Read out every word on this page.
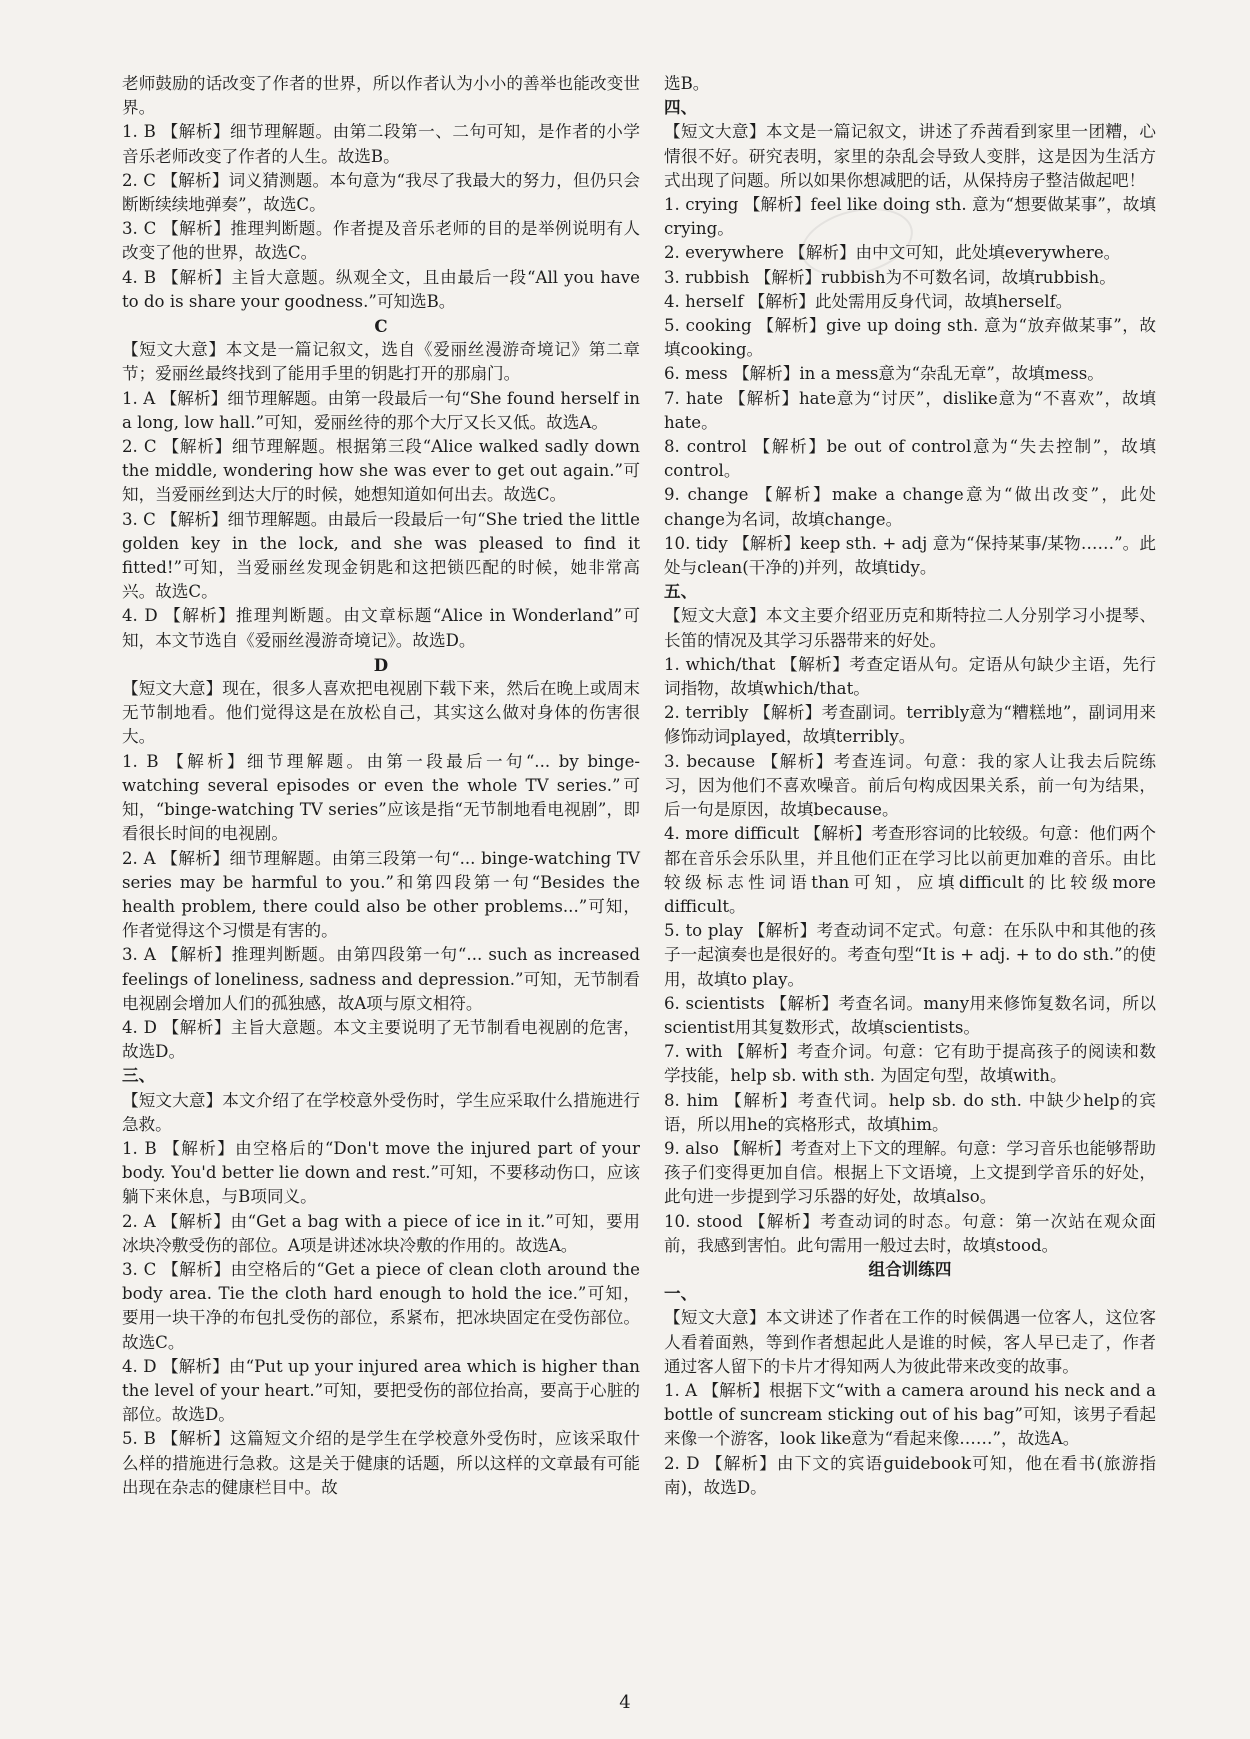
老师鼓励的话改变了作者的世界，所以作者认为小小的善举也能改变世界。

1. B 【解析】细节理解题。由第二段第一、二句可知，是作者的小学音乐老师改变了作者的人生。故选B。

2. C 【解析】词义猜测题。本句意为“我尽了我最大的努力，但仍只会断断续续地弹奏”，故选C。

3. C 【解析】推理判断题。作者提及音乐老师的目的是举例说明有人改变了他的世界，故选C。

4. B 【解析】主旨大意题。纵观全文，且由最后一段“All you have to do is share your goodness.”可知选B。

C

【短文大意】本文是一篇记叙文，选自《爱丽丝漫游奇境记》第二章节；爱丽丝最终找到了能用手里的钥匙打开的那扇门。

1. A 【解析】细节理解题。由第一段最后一句“She found herself in a long, low hall.”可知，爱丽丝待的那个大厅又长又低。故选A。

2. C 【解析】细节理解题。根据第三段“Alice walked sadly down the middle, wondering how she was ever to get out again.”可知，当爱丽丝到达大厅的时候，她想知道如何出去。故选C。

3. C 【解析】细节理解题。由最后一段最后一句“She tried the little golden key in the lock, and she was pleased to find it fitted!”可知，当爱丽丝发现金钥匙和这把锁匹配的时候，她非常高兴。故选C。

4. D 【解析】推理判断题。由文章标题“Alice in Wonderland”可知，本文节选自《爱丽丝漫游奇境记》。故选D。

D

【短文大意】现在，很多人喜欢把电视剧下载下来，然后在晚上或周末无节制地看。他们觉得这是在放松自己，其实这么做对身体的伤害很大。

1. B 【解析】细节理解题。由第一段最后一句“... by binge-watching several episodes or even the whole TV series.”可知，“binge-watching TV series”应该是指“无节制地看电视剧”，即看很长时间的电视剧。

2. A 【解析】细节理解题。由第三段第一句“... binge-watching TV series may be harmful to you.”和第四段第一句“Besides the health problem, there could also be other problems...”可知，作者觉得这个习惯是有害的。

3. A 【解析】推理判断题。由第四段第一句“... such as increased feelings of loneliness, sadness and depression.”可知，无节制看电视剧会增加人们的孤独感，故A项与原文相符。

4. D 【解析】主旨大意题。本文主要说明了无节制看电视剧的危害，故选D。

三、

【短文大意】本文介绍了在学校意外受伤时，学生应采取什么措施进行急救。

1. B 【解析】由空格后的“Don't move the injured part of your body. You'd better lie down and rest.”可知，不要移动伤口，应该躺下来休息，与B项同义。

2. A 【解析】由“Get a bag with a piece of ice in it.”可知，要用冰块冷敷受伤的部位。A项是讲述冰块冷敷的作用的。故选A。

3. C 【解析】由空格后的“Get a piece of clean cloth around the body area. Tie the cloth hard enough to hold the ice.”可知，要用一块干净的布包扎受伤的部位，系紧布，把冰块固定在受伤部位。故选C。

4. D 【解析】由“Put up your injured area which is higher than the level of your heart.”可知，要把受伤的部位抬高，要高于心脏的部位。故选D。

5. B 【解析】这篇短文介绍的是学生在学校意外受伤时，应该采取什么样的措施进行急救。这是关于健康的话题，所以这样的文章最有可能出现在杂志的健康栏目中。故

选B。

四、

【短文大意】本文是一篇记叙文，讲述了乔茜看到家里一团糟，心情很不好。研究表明，家里的杂乱会导致人变胖，这是因为生活方式出现了问题。所以如果你想减肥的话，从保持房子整洁做起吧！

1. crying 【解析】feel like doing sth. 意为“想要做某事”，故填crying。

2. everywhere 【解析】由中文可知，此处填everywhere。

3. rubbish 【解析】rubbish为不可数名词，故填rubbish。

4. herself 【解析】此处需用反身代词，故填herself。

5. cooking 【解析】give up doing sth. 意为“放弃做某事”，故填cooking。

6. mess 【解析】in a mess意为“杂乱无章”，故填mess。

7. hate 【解析】hate意为“讨厌”，dislike意为“不喜欢”，故填hate。

8. control 【解析】be out of control意为“失去控制”，故填control。

9. change 【解析】make a change意为“做出改变”，此处change为名词，故填change。

10. tidy 【解析】keep sth. + adj 意为“保持某事/某物……”。此处与clean(干净的)并列，故填tidy。

五、

【短文大意】本文主要介绍亚历克和斯特拉二人分别学习小提琴、长笛的情况及其学习乐器带来的好处。

1. which/that 【解析】考查定语从句。定语从句缺少主语，先行词指物，故填which/that。

2. terribly 【解析】考查副词。terribly意为“糟糕地”，副词用来修饰动词played，故填terribly。

3. because 【解析】考查连词。句意：我的家人让我去后院练习，因为他们不喜欢噪音。前后句构成因果关系，前一句为结果，后一句是原因，故填because。

4. more difficult 【解析】考查形容词的比较级。句意：他们两个都在音乐会乐队里，并且他们正在学习比以前更加难的音乐。由比较级标志性词语than可知，应填difficult的比较级more difficult。

5. to play 【解析】考查动词不定式。句意：在乐队中和其他的孩子一起演奏也是很好的。考查句型“It is + adj. + to do sth.”的使用，故填to play。

6. scientists 【解析】考查名词。many用来修饰复数名词，所以scientist用其复数形式，故填scientists。

7. with 【解析】考查介词。句意：它有助于提高孩子的阅读和数学技能，help sb. with sth. 为固定句型，故填with。

8. him 【解析】考查代词。help sb. do sth. 中缺少help的宾语，所以用he的宾格形式，故填him。

9. also 【解析】考查对上下文的理解。句意：学习音乐也能够帮助孩子们变得更加自信。根据上下文语境，上文提到学音乐的好处，此句进一步提到学习乐器的好处，故填also。

10. stood 【解析】考查动词的时态。句意：第一次站在观众面前，我感到害怕。此句需用一般过去时，故填stood。

组合训练四

一、

【短文大意】本文讲述了作者在工作的时候偶遇一位客人，这位客人看着面熟，等到作者想起此人是谁的时候，客人早已走了，作者通过客人留下的卡片才得知两人为彼此带来改变的故事。

1. A 【解析】根据下文“with a camera around his neck and a bottle of suncream sticking out of his bag”可知，该男子看起来像一个游客，look like意为“看起来像……”，故选A。

2. D 【解析】由下文的宾语guidebook可知，他在看书(旅游指南)，故选D。

4
